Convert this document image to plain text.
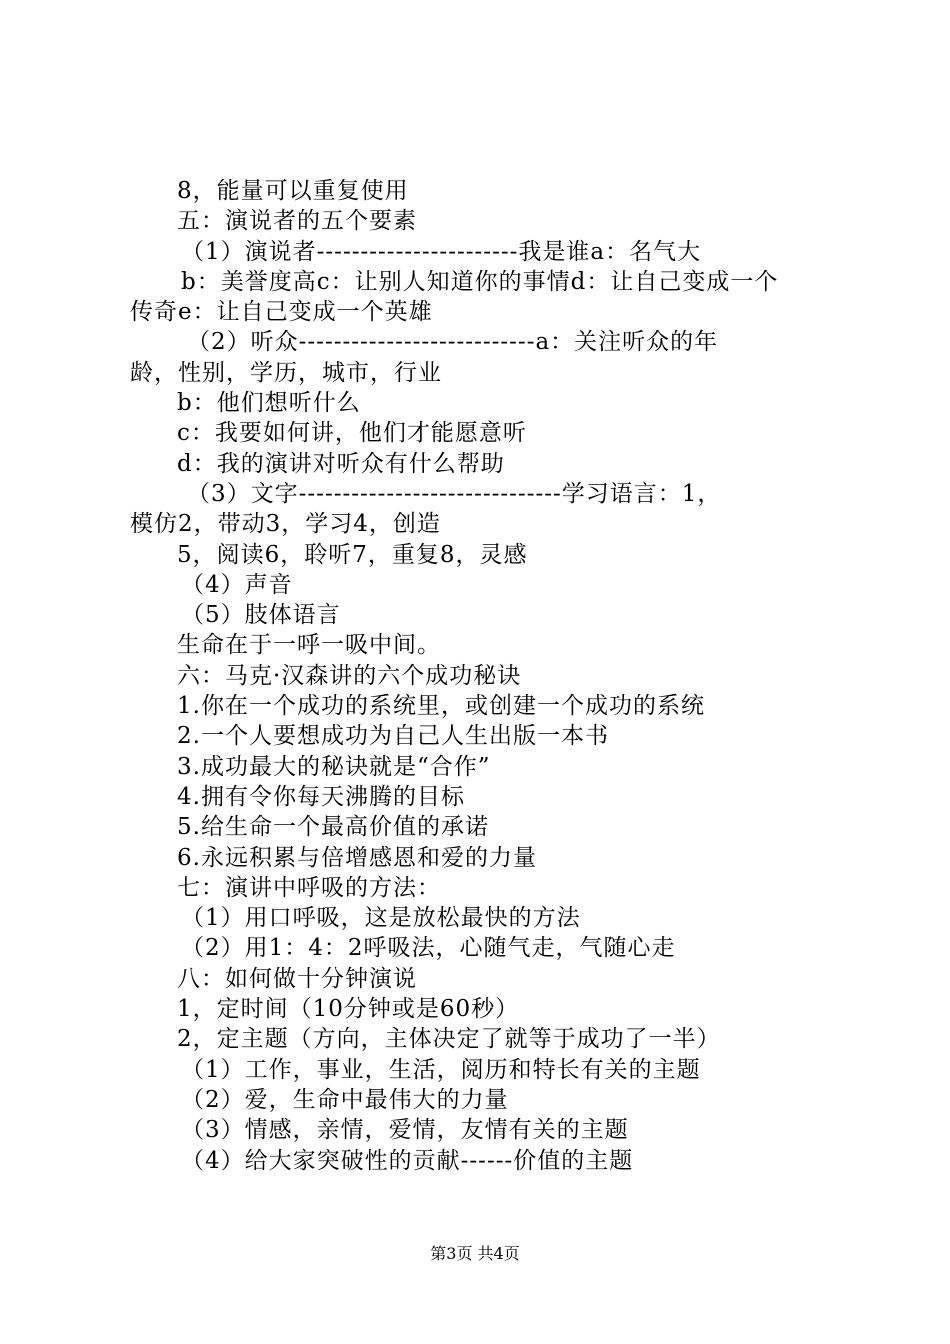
8，能量可以重复使用
五：演说者的五个要素
（1）演说者-----------------------我是谁a：名气大
b：美誉度高c：让别人知道你的事情d：让自己变成一个
传奇e：让自己变成一个英雄
（2）听众---------------------------a：关注听众的年
龄，性别，学历，城市，行业
b：他们想听什么
c：我要如何讲，他们才能愿意听
d：我的演讲对听众有什么帮助
（3）文字------------------------------学习语言：1，
模仿2，带动3，学习4，创造
5，阅读6，聆听7，重复8，灵感
（4）声音
（5）肢体语言
生命在于一呼一吸中间。
六：马克·汉森讲的六个成功秘诀
1.你在一个成功的系统里，或创建一个成功的系统
2.一个人要想成功为自己人生出版一本书
3.成功最大的秘诀就是“合作”
4.拥有令你每天沸腾的目标
5.给生命一个最高价值的承诺
6.永远积累与倍增感恩和爱的力量
七：演讲中呼吸的方法：
（1）用口呼吸，这是放松最快的方法
（2）用1：4：2呼吸法，心随气走，气随心走
八：如何做十分钟演说
1，定时间（10分钟或是60秒）
2，定主题（方向，主体决定了就等于成功了一半）
（1）工作，事业，生活，阅历和特长有关的主题
（2）爱，生命中最伟大的力量
（3）情感，亲情，爱情，友情有关的主题
（4）给大家突破性的贡献------价值的主题
第3页 共4页
